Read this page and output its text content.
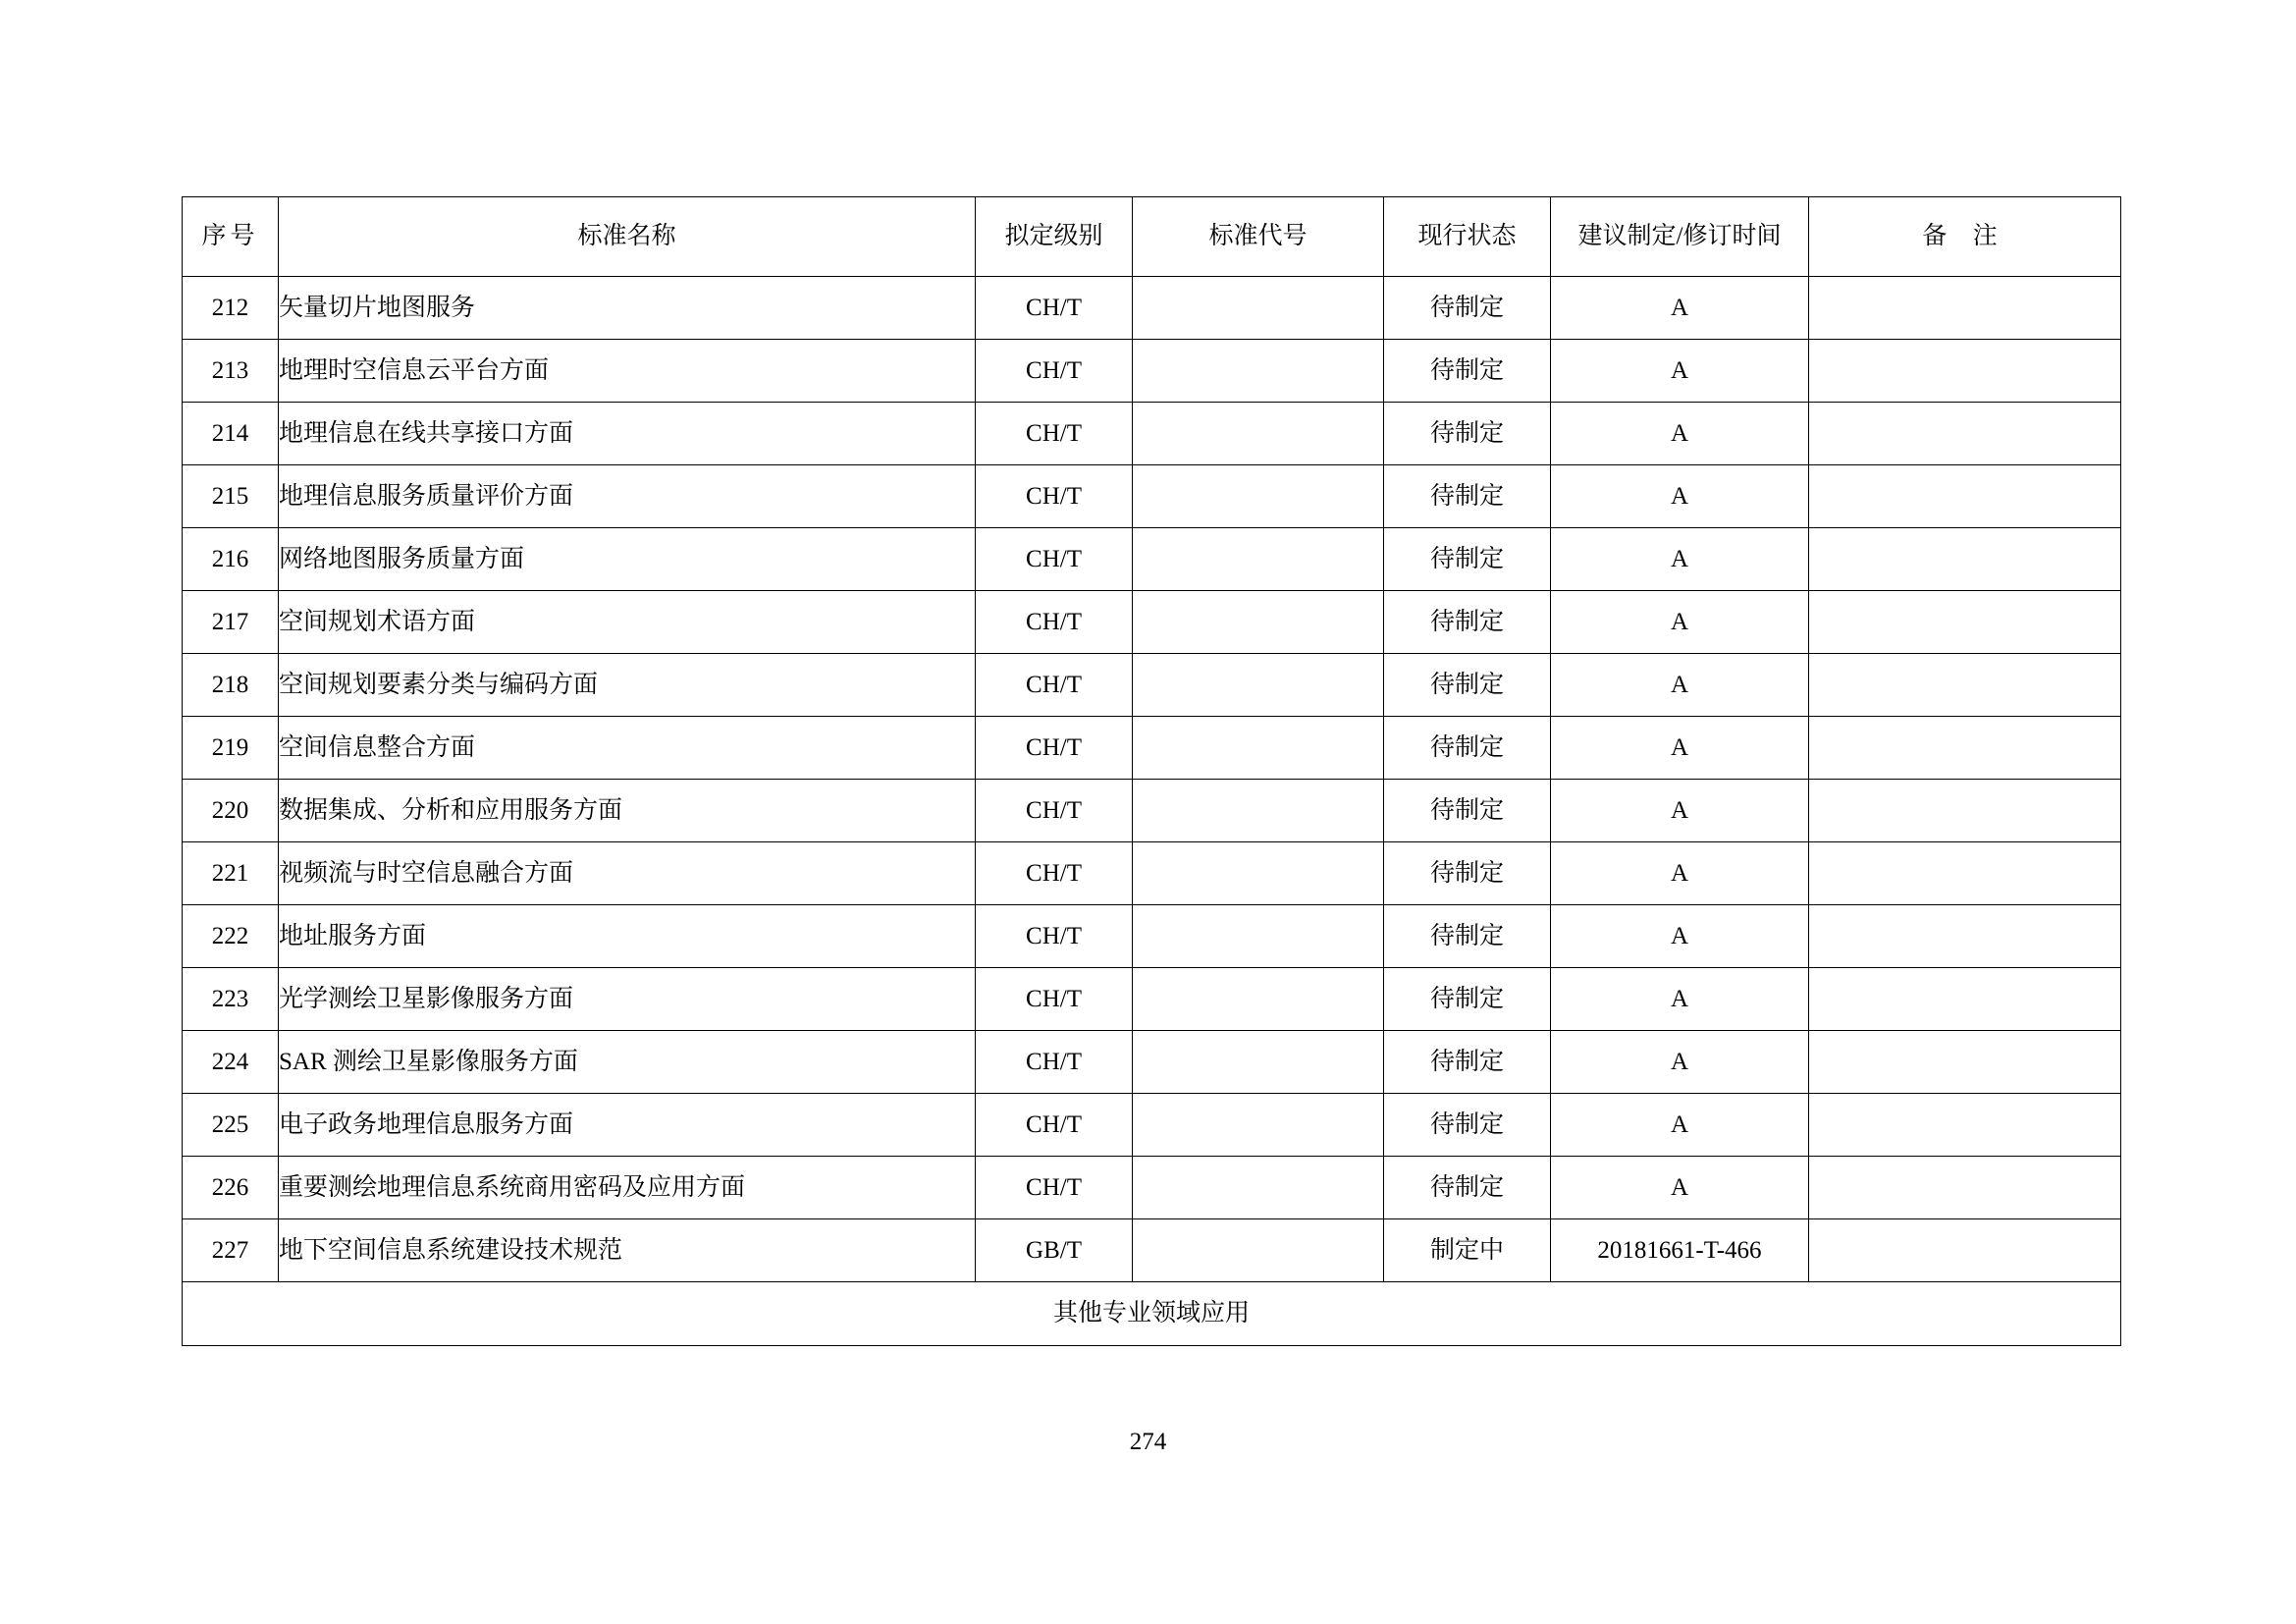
序号	标准名称	拟定级别	标准代号	现行状态	建议制定/修订时间	备 注
212	矢量切片地图服务	CH/T		待制定	A	
213	地理时空信息云平台方面	CH/T		待制定	A	
214	地理信息在线共享接口方面	CH/T		待制定	A	
215	地理信息服务质量评价方面	CH/T		待制定	A	
216	网络地图服务质量方面	CH/T		待制定	A	
217	空间规划术语方面	CH/T		待制定	A	
218	空间规划要素分类与编码方面	CH/T		待制定	A	
219	空间信息整合方面	CH/T		待制定	A	
220	数据集成、分析和应用服务方面	CH/T		待制定	A	
221	视频流与时空信息融合方面	CH/T		待制定	A	
222	地址服务方面	CH/T		待制定	A	
223	光学测绘卫星影像服务方面	CH/T		待制定	A	
224	SAR 测绘卫星影像服务方面	CH/T		待制定	A	
225	电子政务地理信息服务方面	CH/T		待制定	A	
226	重要测绘地理信息系统商用密码及应用方面	CH/T		待制定	A	
227	地下空间信息系统建设技术规范	GB/T		制定中	20181661-T-466	
其他专业领域应用						
274
